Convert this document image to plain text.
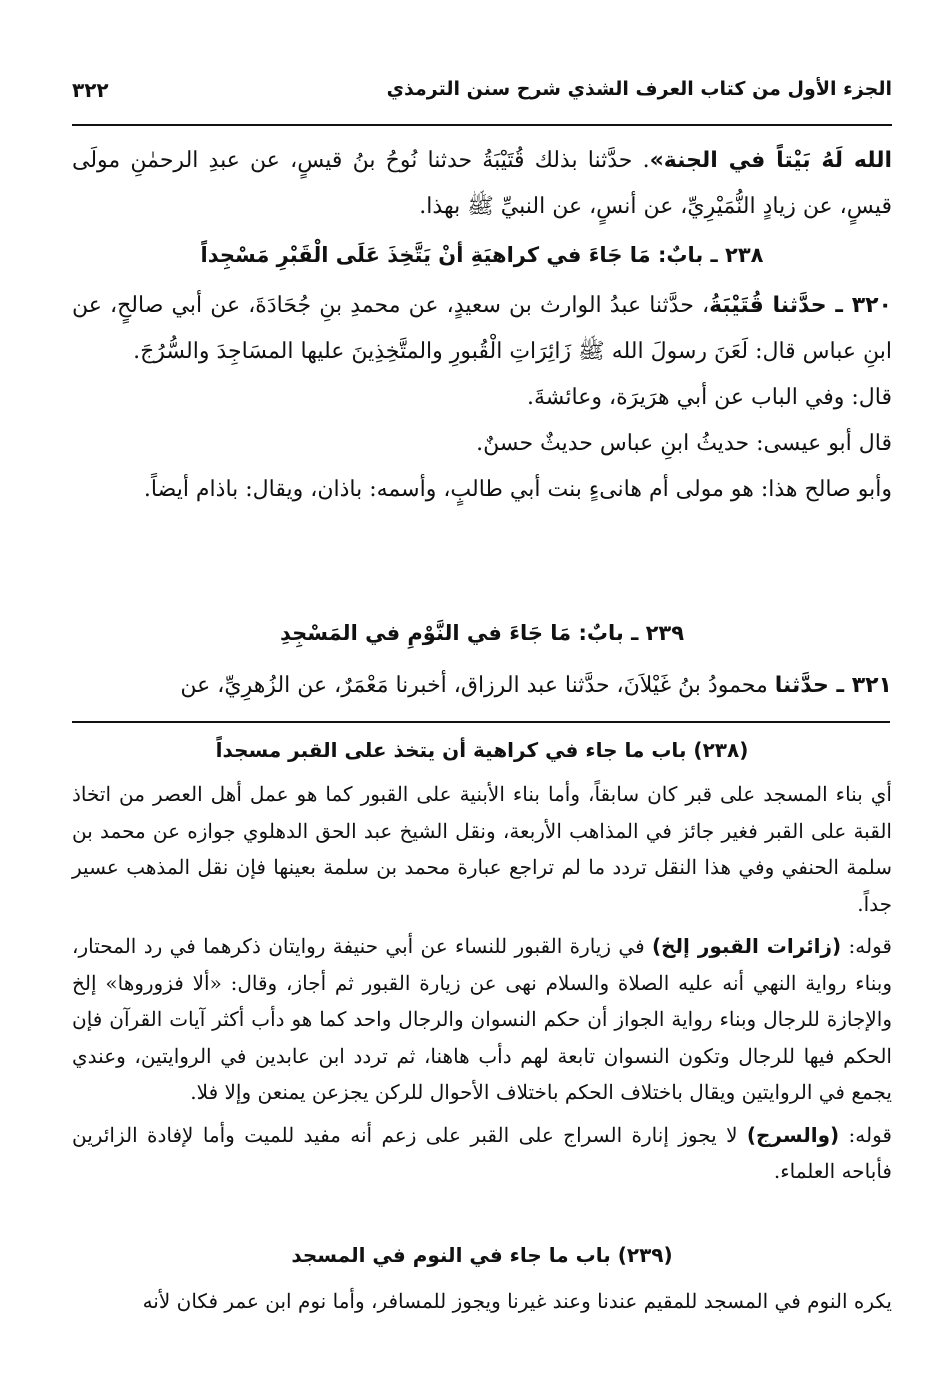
الجزء الأول من كتاب العرف الشذي شرح سنن الترمذي
٣٢٢

الله لَهُ بَيْتاً في الجنة». حدَّثنا بذلك قُتَيْبَةُ حدثنا نُوحُ بنُ قيسٍ، عن عبدِ الرحمٰنِ مولَى قيسٍ، عن زيادٍ النُّمَيْرِيِّ، عن أنسٍ، عن النبيِّ ﷺ بهذا.

٢٣٨ ـ بابٌ: مَا جَاءَ في كراهيَةِ أنْ يَتَّخِذَ عَلَى الْقَبْرِ مَسْجِداً

٣٢٠ ـ حدَّثنا قُتَيْبَةُ، حدَّثنا عبدُ الوارث بن سعيدٍ، عن محمدِ بنِ جُحَادَةَ، عن أبي صالحٍ، عن ابنِ عباس قال: لَعَنَ رسولَ الله ﷺ زَائِرَاتِ الْقُبورِ والمتَّخِذِينَ عليها المسَاجِدَ والسُّرُجَ.

قال: وفي الباب عن أبي هرَيرَة، وعائشةَ.

قال أبو عيسى: حديثُ ابنِ عباس حديثٌ حسنٌ.

وأبو صالح هذا: هو مولى أم هانىءٍ بنت أبي طالبٍ، وأسمه: باذان، ويقال: باذام أيضاً.

٢٣٩ ـ بابٌ: مَا جَاءَ في النَّوْمِ في المَسْجِدِ

٣٢١ ـ حدَّثنا محمودُ بنُ غَيْلاَنَ، حدَّثنا عبد الرزاق، أخبرنا مَعْمَرٌ، عن الزُهرِيِّ، عن

(٢٣٨) باب ما جاء في كراهية أن يتخذ على القبر مسجداً

أي بناء المسجد على قبر كان سابقاً، وأما بناء الأبنية على القبور كما هو عمل أهل العصر من اتخاذ القبة على القبر فغير جائز في المذاهب الأربعة، ونقل الشيخ عبد الحق الدهلوي جوازه عن محمد بن سلمة الحنفي وفي هذا النقل تردد ما لم تراجع عبارة محمد بن سلمة بعينها فإن نقل المذهب عسير جداً.

قوله: (زائرات القبور إلخ) في زيارة القبور للنساء عن أبي حنيفة روايتان ذكرهما في رد المحتار، وبناء رواية النهي أنه عليه الصلاة والسلام نهى عن زيارة القبور ثم أجاز، وقال: «ألا فزوروها» إلخ والإجازة للرجال وبناء رواية الجواز أن حكم النسوان والرجال واحد كما هو دأب أكثر آيات القرآن فإن الحكم فيها للرجال وتكون النسوان تابعة لهم دأب هاهنا، ثم تردد ابن عابدين في الروايتين، وعندي يجمع في الروايتين ويقال باختلاف الحكم باختلاف الأحوال للركن يجزعن يمنعن وإلا فلا.

قوله: (والسرج) لا يجوز إنارة السراج على القبر على زعم أنه مفيد للميت وأما لإفادة الزائرين فأباحه العلماء.

(٢٣٩) باب ما جاء في النوم في المسجد

يكره النوم في المسجد للمقيم عندنا وعند غيرنا ويجوز للمسافر، وأما نوم ابن عمر فكان لأنه
